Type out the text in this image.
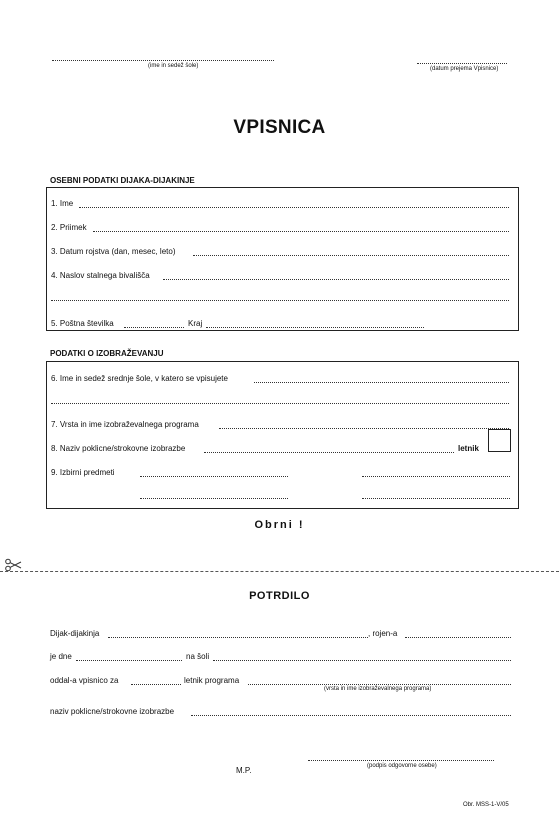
(ime in sedež šole)	(datum prejema Vpisnice)
VPISNICA
OSEBNI PODATKI DIJAKA-DIJAKINJE
1. Ime
2. Priimek
3. Datum rojstva (dan, mesec, leto)
4. Naslov stalnega bivališča
5. Poštna številka	Kraj
PODATKI O IZOBRAŽEVANJU
6. Ime in sedež srednje šole, v katero se vpisujete
7. Vrsta in ime izobraževalnega programa
8. Naziv poklicne/strokovne izobrazbe	letnik
9. Izbirni predmeti
Obrni !
POTRDILO
Dijak-dijakinja	, rojen-a
je dne	na šoli
oddal-a vpisnico za	letnik programa
(vrsta in ime izobraževalnega programa)
naziv poklicne/strokovne izobrazbe
M.P.	(podpis odgovorne osebe)
Obr. MSS-1-V/05
